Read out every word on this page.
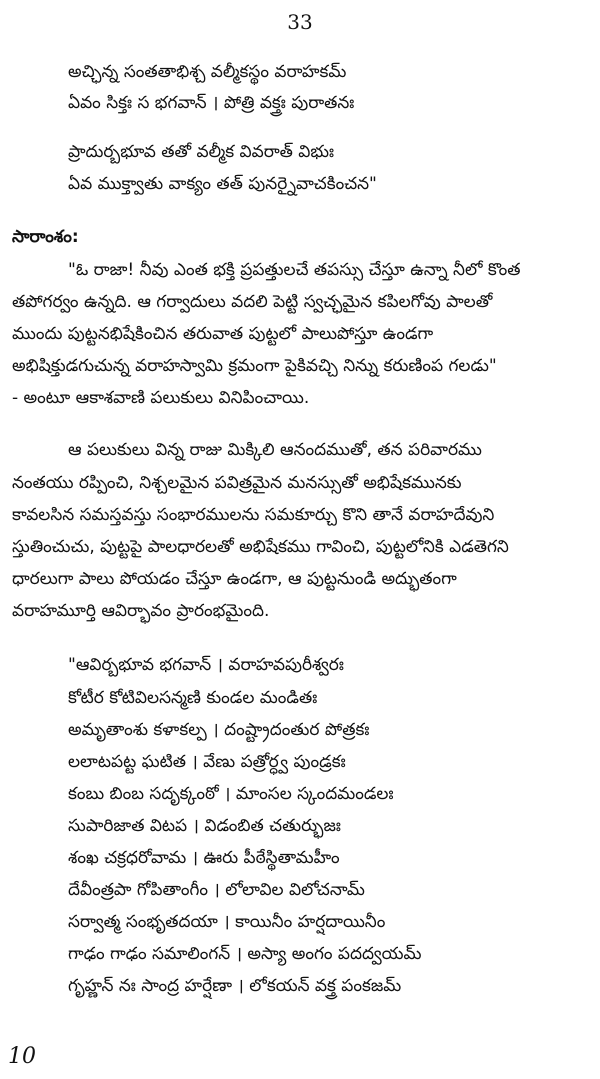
33
అచ్ఛిన్న సంతతాభిశ్చ వల్మీకస్థం వరాహకమ్
ఏవం సిక్తః స భగవాన్ । పోత్రి వక్త్రః పురాతనః
ప్రాదుర్బభూవ తతో వల్మీక వివరాత్ విభుః
ఏవ ముక్త్వాతు వాక్యం తత్ పునర్నైవాచకించన"
సారాంశం:
"ఓ రాజా! నీవు ఎంత భక్తి ప్రపత్తులచే తపస్సు చేస్తూ ఉన్నా నీలో కొంత
తపోగర్వం ఉన్నది. ఆ గర్వాదులు వదలి పెట్టి స్వచ్ఛమైన కపిలగోవు పాలతో
ముందు పుట్టనభిషేకించిన తరువాత పుట్టలో పాలుపోస్తూ ఉండగా
అభిషిక్తుడగుచున్న వరాహస్వామి క్రమంగా పైకివచ్చి నిన్ను కరుణింప గలడు"
- అంటూ ఆకాశవాణి పలుకులు వినిపించాయి.
ఆ పలుకులు విన్న రాజు మిక్కిలి ఆనందముతో, తన పరివారము
నంతయు రప్పించి, నిశ్చలమైన పవిత్రమైన మనస్సుతో అభిషేకమునకు
కావలసిన సమస్తవస్తు సంభారములను సమకూర్చు కొని తానే వరాహదేవుని
స్తుతించుచు, పుట్టపై పాలధారలతో అభిషేకము గావించి, పుట్టలోనికి ఎడతెగని
ధారలుగా పాలు పోయడం చేస్తూ ఉండగా, ఆ పుట్టనుండి అద్భుతంగా
వరాహమూర్తి ఆవిర్భావం ప్రారంభమైంది.
"ఆవిర్బభూవ భగవాన్ । వరాహవపురీశ్వరః
కోటీర కోటివిలసన్మణి కుండల మండితః
అమృతాంశు కళాకల్ప । దంష్ట్రాదంతుర పోత్రకః
లలాటపట్ట ఘటిత । వేణు పత్రోర్ధ్వ పుండ్రకః
కంబు బింబ సదృక్కంఠో । మాంసల స్కందమండలః
సుపారిజాత విటప । విడంబిత చతుర్భుజః
శంఖ చక్రధరోవామ । ఊరు పీఠేస్థితామహీం
దేవీంత్రపా గోపితాంగీం । లోలావిల విలోచనామ్
సర్వాత్మ సంభృతదయా । కాయినీం హర్షదాయినీం
గాఢం గాఢం సమాలింగన్ । అస్యా అంగం పదద్వయమ్
గృహ్ణన్ నః సాంద్ర హర్షేణా । లోకయన్ వక్త్ర పంకజమ్
10
